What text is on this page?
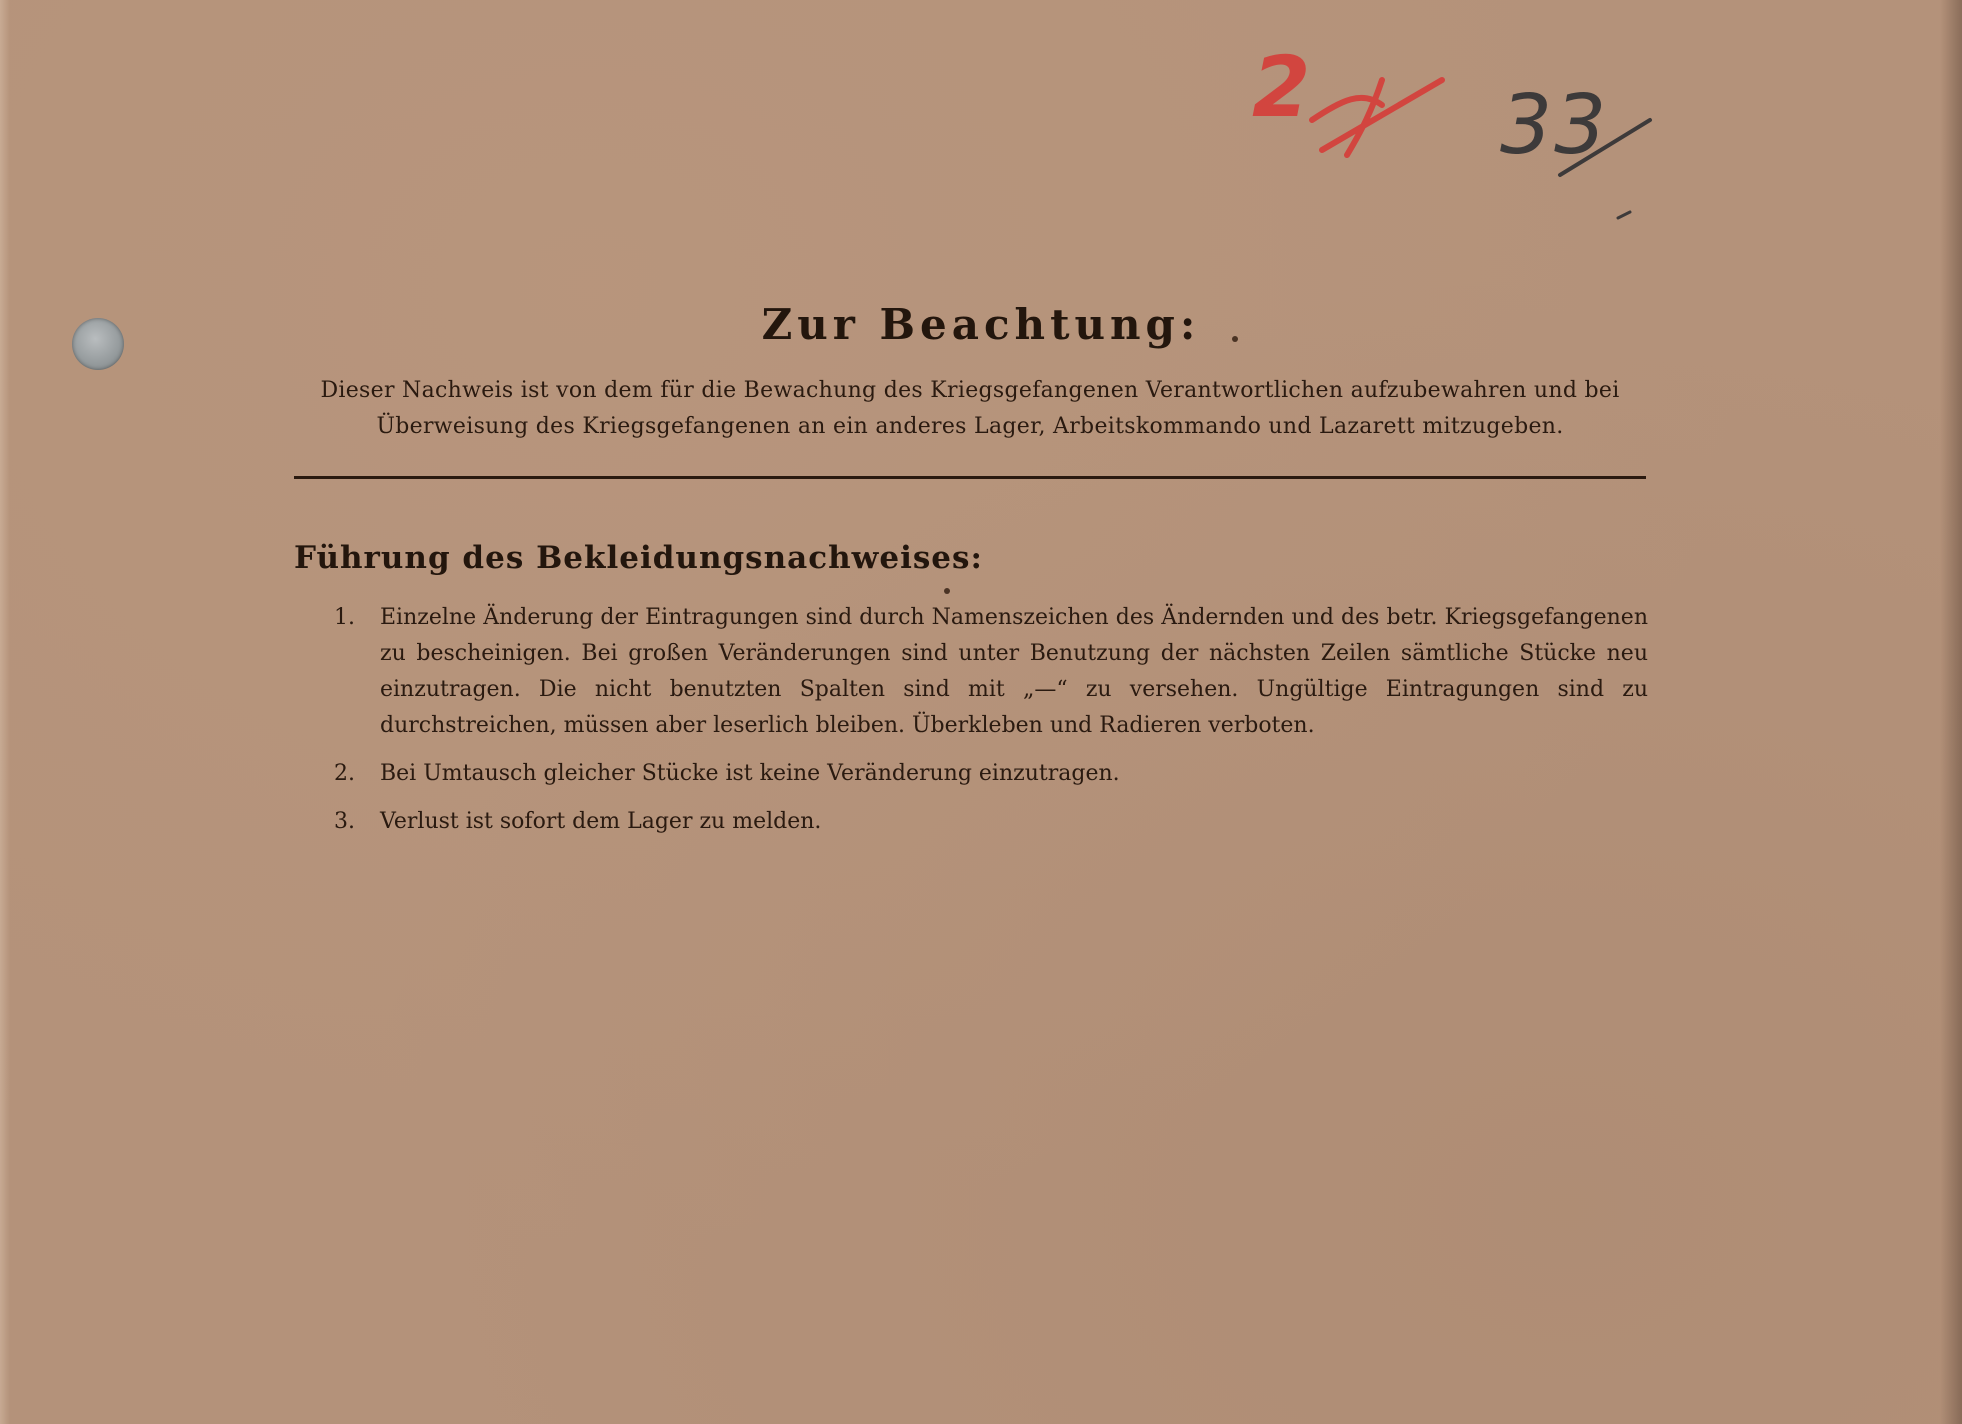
2 33
Zur Beachtung:
Dieser Nachweis ist von dem für die Bewachung des Kriegsgefangenen Verantwortlichen aufzubewahren und bei Überweisung des Kriegsgefangenen an ein anderes Lager, Arbeitskommando und Lazarett mitzugeben.
Führung des Bekleidungsnachweises:
1. Einzelne Änderung der Eintragungen sind durch Namenszeichen des Ändernden und des betr. Kriegsgefangenen zu bescheinigen. Bei großen Veränderungen sind unter Benutzung der nächsten Zeilen sämtliche Stücke neu einzutragen. Die nicht benutzten Spalten sind mit „—“ zu versehen. Ungültige Eintragungen sind zu durchstreichen, müssen aber leserlich bleiben. Überkleben und Radieren verboten.
2. Bei Umtausch gleicher Stücke ist keine Veränderung einzutragen.
3. Verlust ist sofort dem Lager zu melden.
